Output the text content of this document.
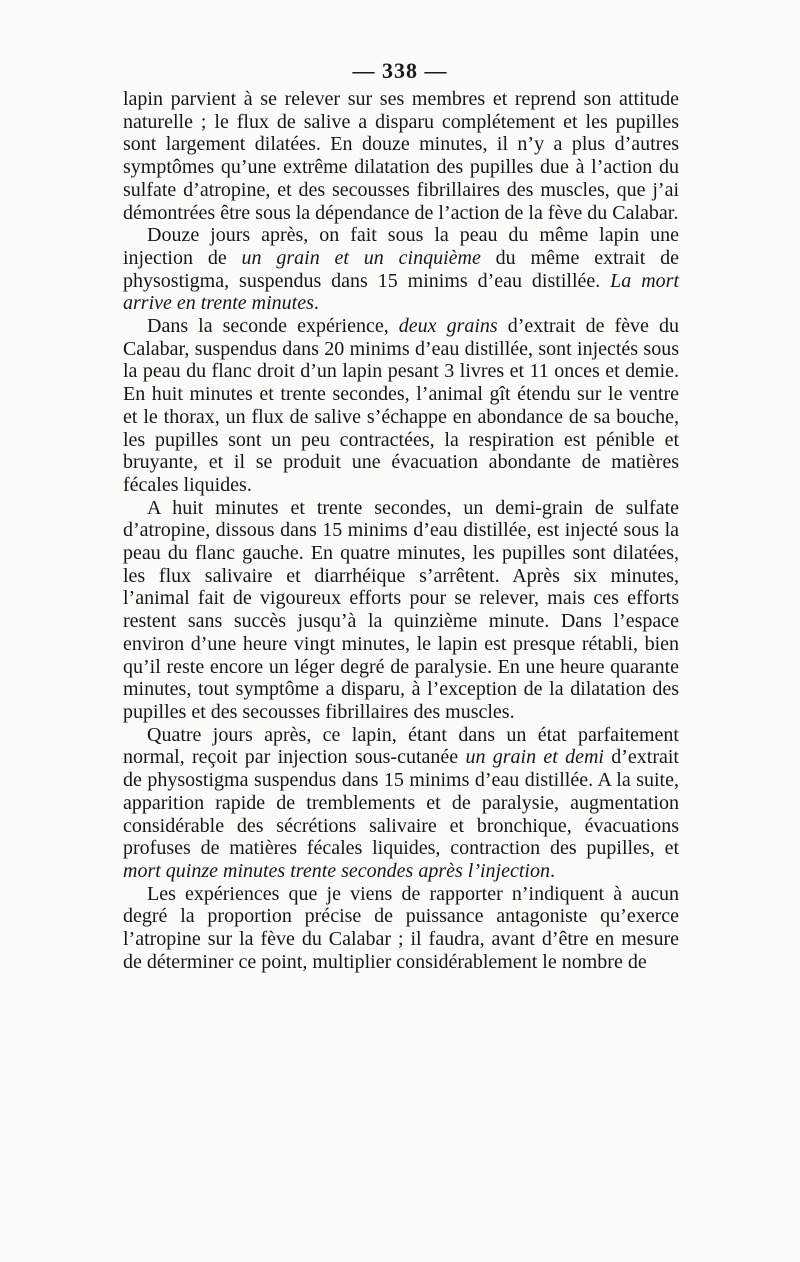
— 338 —

lapin parvient à se relever sur ses membres et reprend son attitude naturelle ; le flux de salive a disparu complétement et les pupilles sont largement dilatées. En douze minutes, il n’y a plus d’autres symptômes qu’une extrême dilatation des pupilles due à l’action du sulfate d’atropine, et des secousses fibrillaires des muscles, que j’ai démontrées être sous la dépendance de l’action de la fève du Calabar.

Douze jours après, on fait sous la peau du même lapin une injection de un grain et un cinquième du même extrait de physostigma, suspendus dans 15 minims d’eau distillée. La mort arrive en trente minutes.

Dans la seconde expérience, deux grains d’extrait de fève du Calabar, suspendus dans 20 minims d’eau distillée, sont injectés sous la peau du flanc droit d’un lapin pesant 3 livres et 11 onces et demie. En huit minutes et trente secondes, l’animal gît étendu sur le ventre et le thorax, un flux de salive s’échappe en abondance de sa bouche, les pupilles sont un peu contractées, la respiration est pénible et bruyante, et il se produit une évacuation abondante de matières fécales liquides.

A huit minutes et trente secondes, un demi-grain de sulfate d’atropine, dissous dans 15 minims d’eau distillée, est injecté sous la peau du flanc gauche. En quatre minutes, les pupilles sont dilatées, les flux salivaire et diarrhéique s’arrêtent. Après six minutes, l’animal fait de vigoureux efforts pour se relever, mais ces efforts restent sans succès jusqu’à la quinzième minute. Dans l’espace environ d’une heure vingt minutes, le lapin est presque rétabli, bien qu’il reste encore un léger degré de paralysie. En une heure quarante minutes, tout symptôme a disparu, à l’exception de la dilatation des pupilles et des secousses fibrillaires des muscles.

Quatre jours après, ce lapin, étant dans un état parfaitement normal, reçoit par injection sous-cutanée un grain et demi d’extrait de physostigma suspendus dans 15 minims d’eau distillée. A la suite, apparition rapide de tremblements et de paralysie, augmentation considérable des sécrétions salivaire et bronchique, évacuations profuses de matières fécales liquides, contraction des pupilles, et mort quinze minutes trente secondes après l’injection.

Les expériences que je viens de rapporter n’indiquent à aucun degré la proportion précise de puissance antagoniste qu’exerce l’atropine sur la fève du Calabar ; il faudra, avant d’être en mesure de déterminer ce point, multiplier considérablement le nombre de
